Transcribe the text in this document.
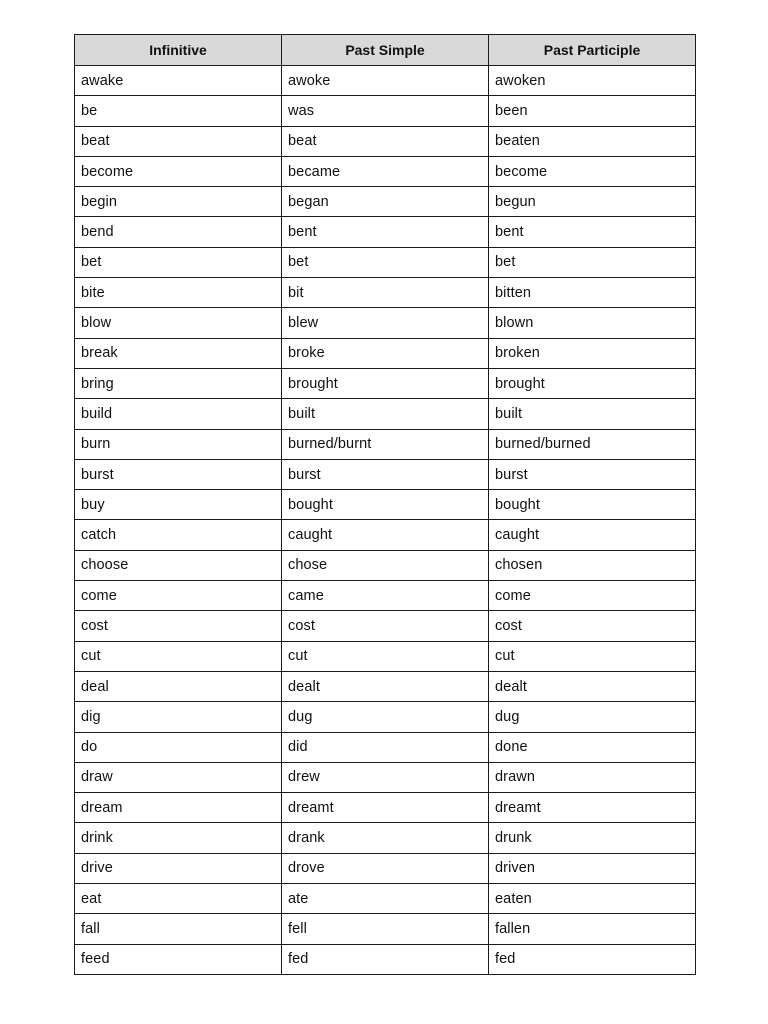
Infinitive	Past Simple	Past Participle
awake	awoke	awoken
be	was	been
beat	beat	beaten
become	became	become
begin	began	begun
bend	bent	bent
bet	bet	bet
bite	bit	bitten
blow	blew	blown
break	broke	broken
bring	brought	brought
build	built	built
burn	burned/burnt	burned/burned
burst	burst	burst
buy	bought	bought
catch	caught	caught
choose	chose	chosen
come	came	come
cost	cost	cost
cut	cut	cut
deal	dealt	dealt
dig	dug	dug
do	did	done
draw	drew	drawn
dream	dreamt	dreamt
drink	drank	drunk
drive	drove	driven
eat	ate	eaten
fall	fell	fallen
feed	fed	fed
